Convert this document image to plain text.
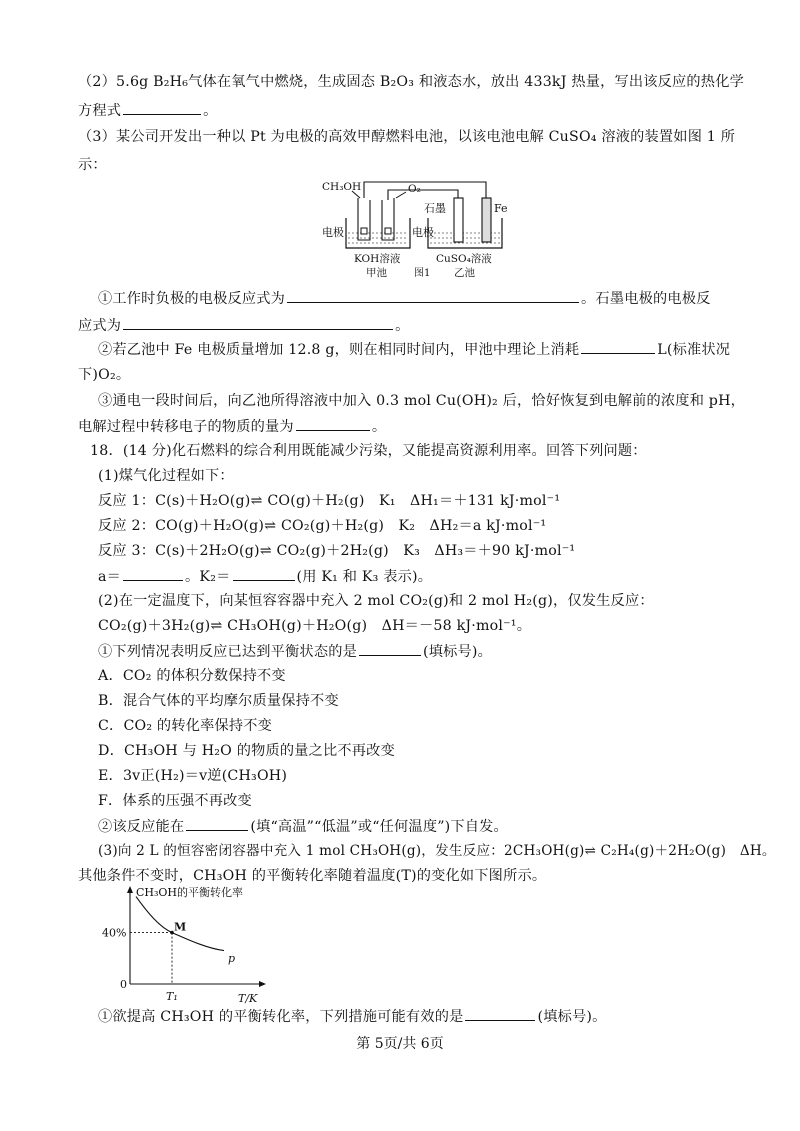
（2）5.6g B₂H₆气体在氧气中燃烧，生成固态 B₂O₃ 和液态水，放出 433kJ 热量，写出该反应的热化学
方程式	。
（3）某公司开发出一种以 Pt 为电极的高效甲醇燃料电池，以该电池电解 CuSO₄ 溶液的装置如图 1 所
示：
CH₃OH	O₂
石墨	Fe
电极	电极
KOH溶液
甲池
CuSO₄溶液
乙池
图1
①工作时负极的电极反应式为	。石墨电极的电极反
应式为	。
②若乙池中 Fe 电极质量增加 12.8 g，则在相同时间内，甲池中理论上消耗	L(标准状况
下)O₂。
③通电一段时间后，向乙池所得溶液中加入 0.3 mol Cu(OH)₂ 后，恰好恢复到电解前的浓度和 pH，
电解过程中转移电子的物质的量为	。
18．(14 分)化石燃料的综合利用既能减少污染，又能提高资源利用率。回答下列问题：
(1)煤气化过程如下：
反应 1：C(s)＋H₂O(g)⇌ CO(g)＋H₂(g)　K₁　ΔH₁＝＋131 kJ·mol⁻¹
反应 2：CO(g)＋H₂O(g)⇌ CO₂(g)＋H₂(g)　K₂　ΔH₂＝a kJ·mol⁻¹
反应 3：C(s)＋2H₂O(g)⇌ CO₂(g)＋2H₂(g)　K₃　ΔH₃＝＋90 kJ·mol⁻¹
a＝	。K₂＝	(用 K₁ 和 K₃ 表示)。
(2)在一定温度下，向某恒容容器中充入 2 mol CO₂(g)和 2 mol H₂(g)，仅发生反应：
CO₂(g)＋3H₂(g)⇌ CH₃OH(g)＋H₂O(g)　ΔH＝－58 kJ·mol⁻¹。
①下列情况表明反应已达到平衡状态的是	(填标号)。
A．CO₂ 的体积分数保持不变
B．混合气体的平均摩尔质量保持不变
C．CO₂ 的转化率保持不变
D．CH₃OH 与 H₂O 的物质的量之比不再改变
E．3v正(H₂)＝v逆(CH₃OH)
F．体系的压强不再改变
②该反应能在	(填“高温”“低温”或“任何温度”)下自发。
(3)向 2 L 的恒容密闭容器中充入 1 mol CH₃OH(g)，发生反应：2CH₃OH(g)⇌ C₂H₄(g)＋2H₂O(g)　ΔH。
其他条件不变时，CH₃OH 的平衡转化率随着温度(T)的变化如下图所示。
CH₃OH的平衡转化率
40%
0
M
p
T₁	T/K
①欲提高 CH₃OH 的平衡转化率，下列措施可能有效的是	(填标号)。
第 5页/共 6页
